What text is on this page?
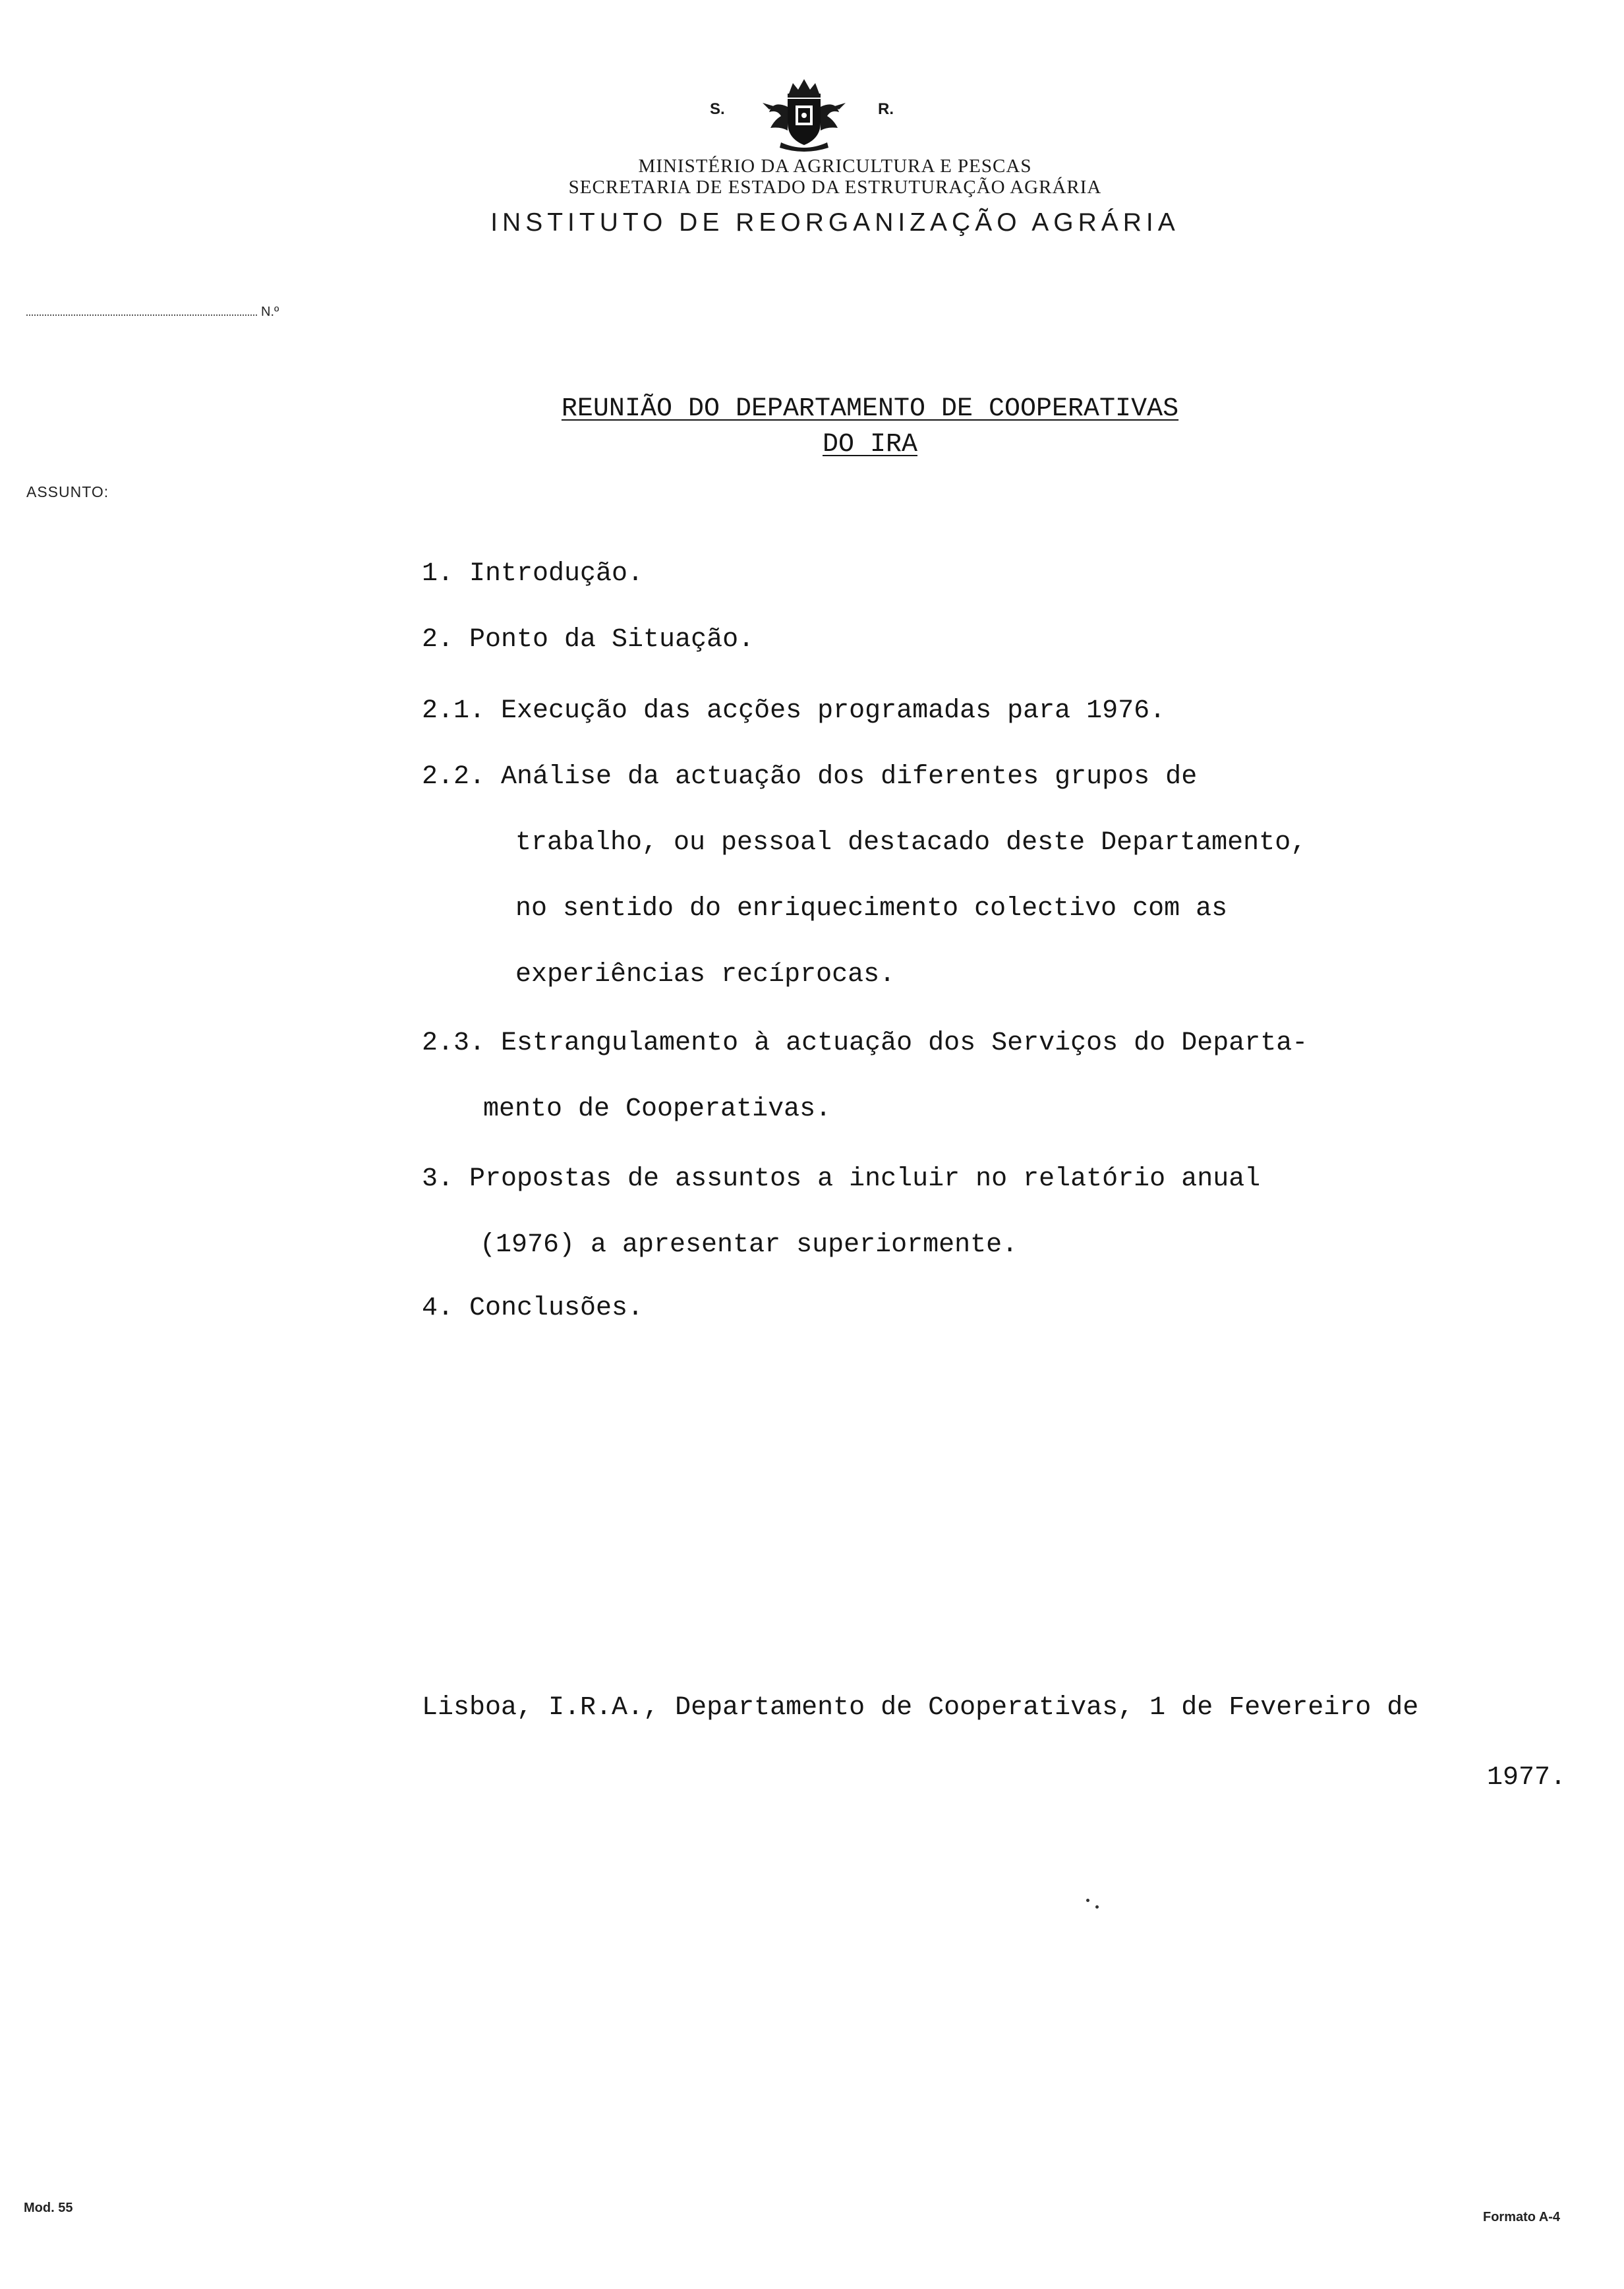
S.	R.
MINISTÉRIO DA AGRICULTURA E PESCAS
SECRETARIA DE ESTADO DA ESTRUTURAÇÃO AGRÁRIA
INSTITUTO DE REORGANIZAÇÃO AGRÁRIA
N.º
ASSUNTO:
REUNIÃO DO DEPARTAMENTO DE COOPERATIVAS
DO IRA
1. Introdução.
2. Ponto da Situação.
2.1. Execução das acções programadas para 1976.
2.2. Análise da actuação dos diferentes grupos de
trabalho, ou pessoal destacado deste Departamento,
no sentido do enriquecimento colectivo com as
experiências recíprocas.
2.3. Estrangulamento à actuação dos Serviços do Departa-
mento de Cooperativas.
3. Propostas de assuntos a incluir no relatório anual
(1976) a apresentar superiormente.
4. Conclusões.
Lisboa, I.R.A., Departamento de Cooperativas, 1 de Fevereiro de
1977.
Mod. 55
Formato A-4
